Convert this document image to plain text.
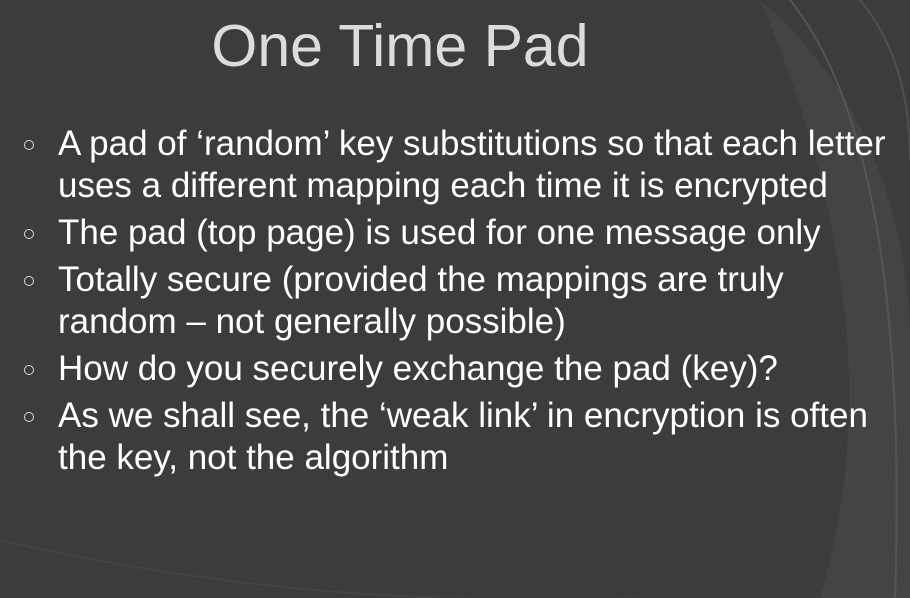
One Time Pad
A pad of ‘random’ key substitutions so that each letter uses a different mapping each time it is encrypted
The pad (top page) is used for one message only
Totally secure (provided the mappings are truly random – not generally possible)
How do you securely exchange the pad (key)?
As we shall see, the ‘weak link’ in encryption is often the key, not the algorithm
